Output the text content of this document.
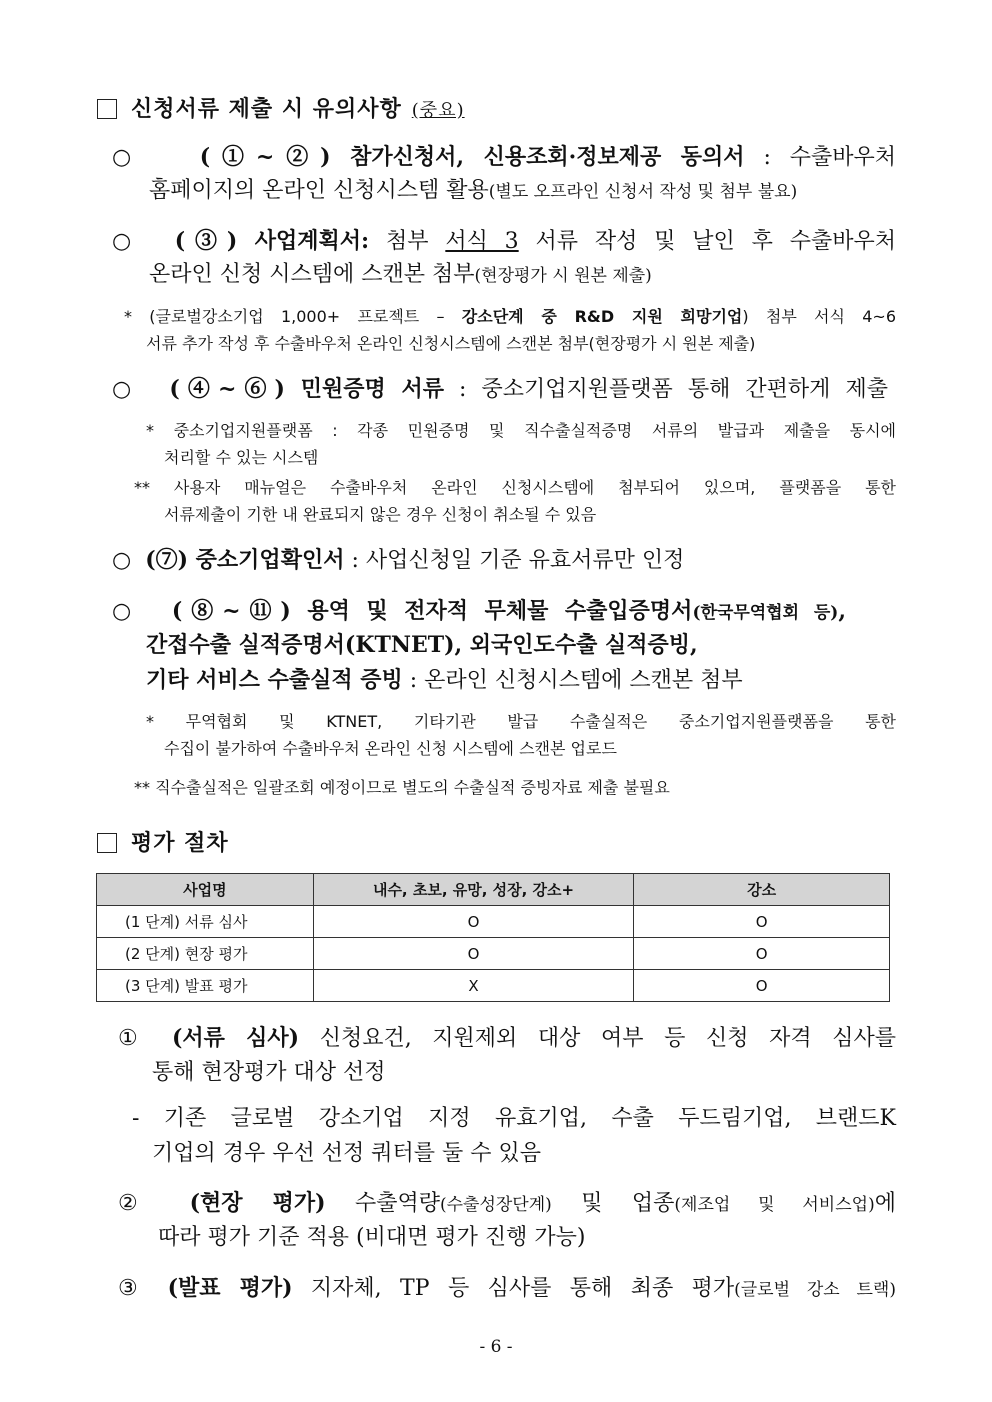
신청서류 제출 시 유의사항 (중요)
○	(①~②) 참가신청서, 신용조회·정보제공 동의서 : 수출바우처
홈페이지의 온라인 신청시스템 활용(별도 오프라인 신청서 작성 및 첨부 불요)
○ (③) 사업계획서: 첨부 서식 3 서류 작성 및 날인 후 수출바우처
온라인 신청 시스템에 스캔본 첨부(현장평가 시 원본 제출)
* (글로벌강소기업 1,000+ 프로젝트 – 강소단계 중 R&D 지원 희망기업) 첨부 서식 4~6
서류 추가 작성 후 수출바우처 온라인 신청시스템에 스캔본 첨부(현장평가 시 원본 제출)
○ (④~⑥) 민원증명 서류 : 중소기업지원플랫폼 통해 간편하게 제출
* 중소기업지원플랫폼 : 각종 민원증명 및 직수출실적증명 서류의 발급과 제출을 동시에
처리할 수 있는 시스템
** 사용자 매뉴얼은 수출바우처 온라인 신청시스템에 첨부되어 있으며, 플랫폼을 통한
서류제출이 기한 내 완료되지 않은 경우 신청이 취소될 수 있음
○ (⑦) 중소기업확인서 : 사업신청일 기준 유효서류만 인정
○ (⑧~⑪) 용역 및 전자적 무체물 수출입증명서(한국무역협회 등),
간접수출 실적증명서(KTNET), 외국인도수출 실적증빙,
기타 서비스 수출실적 증빙 : 온라인 신청시스템에 스캔본 첨부
* 무역협회 및 KTNET, 기타기관 발급 수출실적은 중소기업지원플랫폼을 통한
수집이 불가하여 수출바우처 온라인 신청 시스템에 스캔본 업로드
** 직수출실적은 일괄조회 예정이므로 별도의 수출실적 증빙자료 제출 불필요
평가 절차
사업명	내수, 초보, 유망, 성장, 강소+	강소
(1 단계) 서류 심사	O	O
(2 단계) 현장 평가	O	O
(3 단계) 발표 평가	X	O
① (서류 심사) 신청요건, 지원제외 대상 여부 등 신청 자격 심사를
통해 현장평가 대상 선정
- 기존 글로벌 강소기업 지정 유효기업, 수출 두드림기업, 브랜드K
기업의 경우 우선 선정 쿼터를 둘 수 있음
② (현장 평가) 수출역량(수출성장단계) 및 업종(제조업 및 서비스업)에
따라 평가 기준 적용 (비대면 평가 진행 가능)
③ (발표 평가) 지자체, TP 등 심사를 통해 최종 평가(글로벌 강소 트랙)
- 6 -
